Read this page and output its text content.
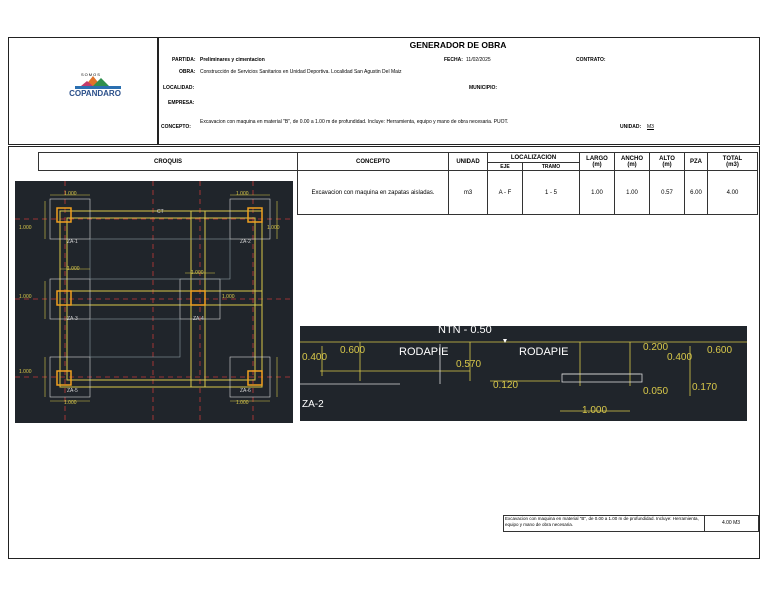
SOMOS
COPANDARO
GENERADOR DE OBRA
PARTIDA: Preliminares y cimentacion	FECHA: 11/02/2025	CONTRATO:
OBRA: Construcción de Servicios Sanitarios en Unidad Deportiva. Localidad San Agustin Del Maiz
LOCALIDAD:	MUNICIPIO:
EMPRESA:
CONCEPTO:
Excavacion con maquina en material "B", de 0.00 a 1.00 m de profundidad. Incluye: Herramienta, equipo y mano de obra necesaria. PUOT.
UNIDAD: M3
CROQUIS	CONCEPTO	UNIDAD	LOCALIZACION		LARGO
(m)	ANCHO
(m)	ALTO
(m)	PZA	TOTAL
(m3)
			EJE	TRAMO					
	Excavacion con maquina en zapatas aisladas.	m3	A - F	1 - 5	1.00	1.00	0.57	6.00	4.00
1.000	1.000
1.000	1.000
1.000
1.000
1.000	1.000
1.000
1.000	1.000
CT
ZA-1	ZA-2
ZA-3	ZA-4
ZA-5	ZA-6
NTN - 0.50
RODAPIE	RODAPIE
0.400
0.600
0.570
0.120
0.200
0.400
0.600
0.050 0.170
1.000
ZA-2
Excavacion con maquina en material "B", de 0.00 a 1.00 m de profundidad. Incluye: Herramienta, equipo y mano de obra necesaria.	4.00 M3
